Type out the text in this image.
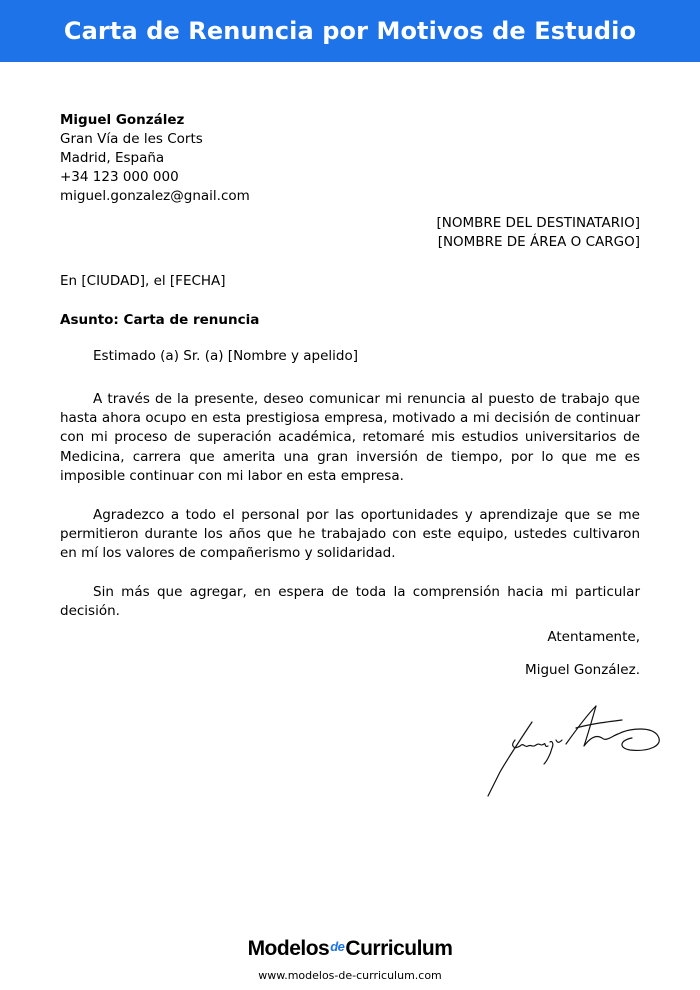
Carta de Renuncia por Motivos de Estudio
Miguel González
Gran Vía de les Corts
Madrid, España
+34 123 000 000
miguel.gonzalez@gnail.com
[NOMBRE DEL DESTINATARIO]
[NOMBRE DE ÁREA O CARGO]
En [CIUDAD], el [FECHA]
Asunto: Carta de renuncia
Estimado (a) Sr. (a) [Nombre y apelido]

A través de la presente, deseo comunicar mi renuncia al puesto de trabajo que hasta ahora ocupo en esta prestigiosa empresa, motivado a mi decisión de continuar con mi proceso de superación académica, retomaré mis estudios universitarios de Medicina, carrera que amerita una gran inversión de tiempo, por lo que me es imposible continuar con mi labor en esta empresa.

Agradezco a todo el personal por las oportunidades y aprendizaje que se me permitieron durante los años que he trabajado con este equipo, ustedes cultivaron en mí los valores de compañerismo y solidaridad.

Sin más que agregar, en espera de toda la comprensión hacia mi particular decisión.

Atentamente,
Miguel González.
ModelosdeCurriculum
www.modelos-de-curriculum.com
